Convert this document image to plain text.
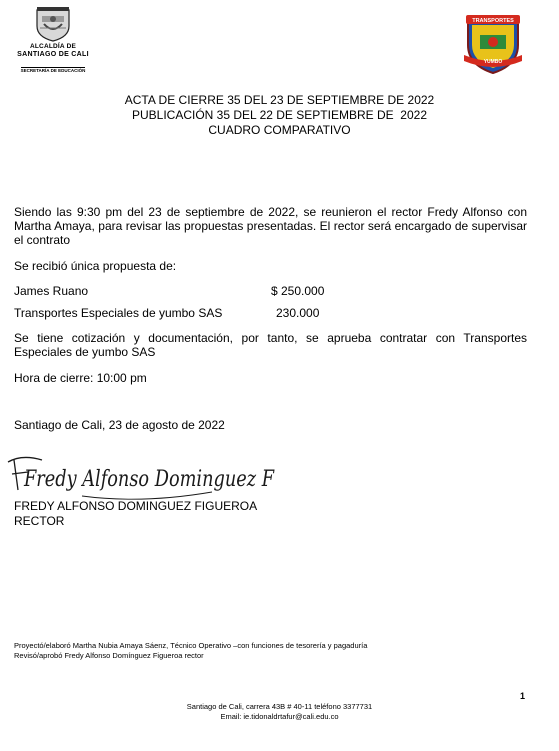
ALCALDÍA DE
SANTIAGO DE CALI
SECRETARÍA DE EDUCACIÓN
TRANSPORTES
YUMBO
ACTA DE CIERRE 35 DEL 23 DE SEPTIEMBRE DE 2022
PUBLICACIÓN 35 DEL 22 DE SEPTIEMBRE DE  2022
CUADRO COMPARATIVO
Siendo las 9:30 pm del 23 de septiembre de 2022, se reunieron el rector Fredy Alfonso con Martha Amaya, para revisar las propuestas presentadas. El rector será encargado de supervisar el contrato
Se recibió única propuesta de:
James Ruano	$ 250.000
Transportes Especiales de yumbo SAS	230.000
Se tiene cotización y documentación, por tanto, se aprueba contratar con Transportes Especiales de yumbo SAS
Hora de cierre: 10:00 pm
Santiago de Cali, 23 de agosto de 2022
Fredy Alfonso Dominguez F
FREDY ALFONSO DOMINGUEZ FIGUEROA
RECTOR
Proyectó/elaboró Martha Nubia Amaya Sáenz, Técnico Operativo –con funciones de tesorería y pagaduría
Revisó/aprobó Fredy Alfonso Domínguez Figueroa rector
1
Santiago de Cali, carrera 43B # 40-11 teléfono 3377731
Email: ie.tidonaldrtafur@cali.edu.co
